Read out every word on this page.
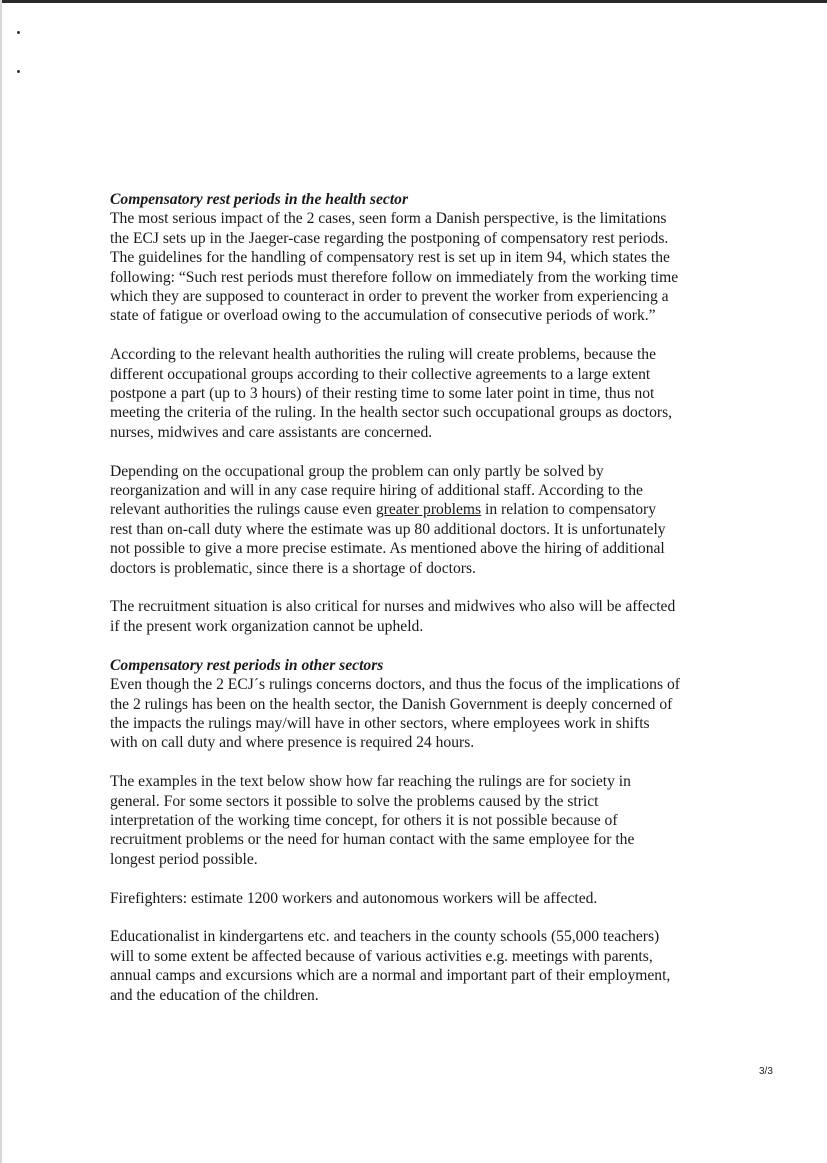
Compensatory rest periods in the health sector

The most serious impact of the 2 cases, seen form a Danish perspective, is the limitations the ECJ sets up in the Jaeger-case regarding the postponing of compensatory rest periods. The guidelines for the handling of compensatory rest is set up in item 94, which states the following: “Such rest periods must therefore follow on immediately from the working time which they are supposed to counteract in order to prevent the worker from experiencing a state of fatigue or overload owing to the accumulation of consecutive periods of work.”

According to the relevant health authorities the ruling will create problems, because the different occupational groups according to their collective agreements to a large extent postpone a part (up to 3 hours) of their resting time to some later point in time, thus not meeting the criteria of the ruling. In the health sector such occupational groups as doctors, nurses, midwives and care assistants are concerned.

Depending on the occupational group the problem can only partly be solved by reorganization and will in any case require hiring of additional staff. According to the relevant authorities the rulings cause even greater problems in relation to compensatory rest than on-call duty where the estimate was up 80 additional doctors. It is unfortunately not possible to give a more precise estimate. As mentioned above the hiring of additional doctors is problematic, since there is a shortage of doctors.

The recruitment situation is also critical for nurses and midwives who also will be affected if the present work organization cannot be upheld.

Compensatory rest periods in other sectors

Even though the 2 ECJ´s rulings concerns doctors, and thus the focus of the implications of the 2 rulings has been on the health sector, the Danish Government is deeply concerned of the impacts the rulings may/will have in other sectors, where employees work in shifts with on call duty and where presence is required 24 hours.

The examples in the text below show how far reaching the rulings are for society in general. For some sectors it possible to solve the problems caused by the strict interpretation of the working time concept, for others it is not possible because of recruitment problems or the need for human contact with the same employee for the longest period possible.

Firefighters: estimate 1200 workers and autonomous workers will be affected.

Educationalist in kindergartens etc. and teachers in the county schools (55,000 teachers) will to some extent be affected because of various activities e.g. meetings with parents, annual camps and excursions which are a normal and important part of their employment, and the education of the children.

3/3
